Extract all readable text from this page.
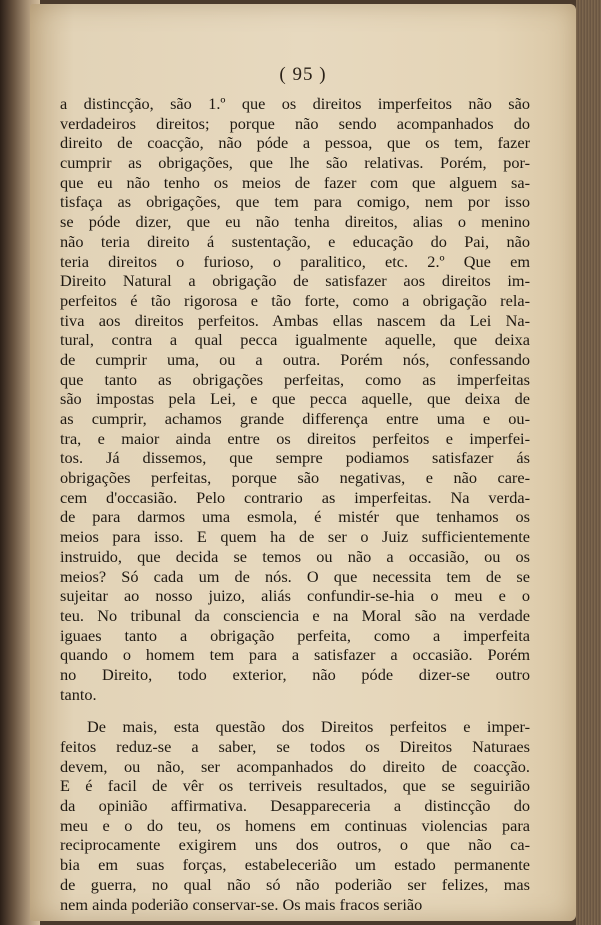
( 95 )
a distincção, são 1.º que os direitos imperfeitos não são
verdadeiros direitos; porque não sendo acompanhados do
direito de coacção, não póde a pessoa, que os tem, fazer
cumprir as obrigações, que lhe são relativas. Porém, por-
que eu não tenho os meios de fazer com que alguem sa-
tisfaça as obrigações, que tem para comigo, nem por isso
se póde dizer, que eu não tenha direitos, alias o menino
não teria direito á sustentação, e educação do Pai, não
teria direitos o furioso, o paralitico, etc. 2.º Que em
Direito Natural a obrigação de satisfazer aos direitos im-
perfeitos é tão rigorosa e tão forte, como a obrigação rela-
tiva aos direitos perfeitos. Ambas ellas nascem da Lei Na-
tural, contra a qual pecca igualmente aquelle, que deixa
de cumprir uma, ou a outra. Porém nós, confessando
que tanto as obrigações perfeitas, como as imperfeitas
são impostas pela Lei, e que pecca aquelle, que deixa de
as cumprir, achamos grande differença entre uma e ou-
tra, e maior ainda entre os direitos perfeitos e imperfei-
tos. Já dissemos, que sempre podiamos satisfazer ás
obrigações perfeitas, porque são negativas, e não care-
cem d'occasião. Pelo contrario as imperfeitas. Na verda-
de para darmos uma esmola, é mistér que tenhamos os
meios para isso. E quem ha de ser o Juiz sufficientemente
instruido, que decida se temos ou não a occasião, ou os
meios? Só cada um de nós. O que necessita tem de se
sujeitar ao nosso juizo, aliás confundir-se-hia o meu e o
teu. No tribunal da consciencia e na Moral são na verdade
iguaes tanto a obrigação perfeita, como a imperfeita
quando o homem tem para a satisfazer a occasião. Porém
no Direito, todo exterior, não póde dizer-se outro
tanto.
De mais, esta questão dos Direitos perfeitos e imper-
feitos reduz-se a saber, se todos os Direitos Naturaes
devem, ou não, ser acompanhados do direito de coacção.
E é facil de vêr os terriveis resultados, que se seguirião
da opinião affirmativa. Desappareceria a distincção do
meu e o do teu, os homens em continuas violencias para
reciprocamente exigirem uns dos outros, o que não ca-
bia em suas forças, estabelecerião um estado permanente
de guerra, no qual não só não poderião ser felizes, mas
nem ainda poderião conservar-se. Os mais fracos serião
